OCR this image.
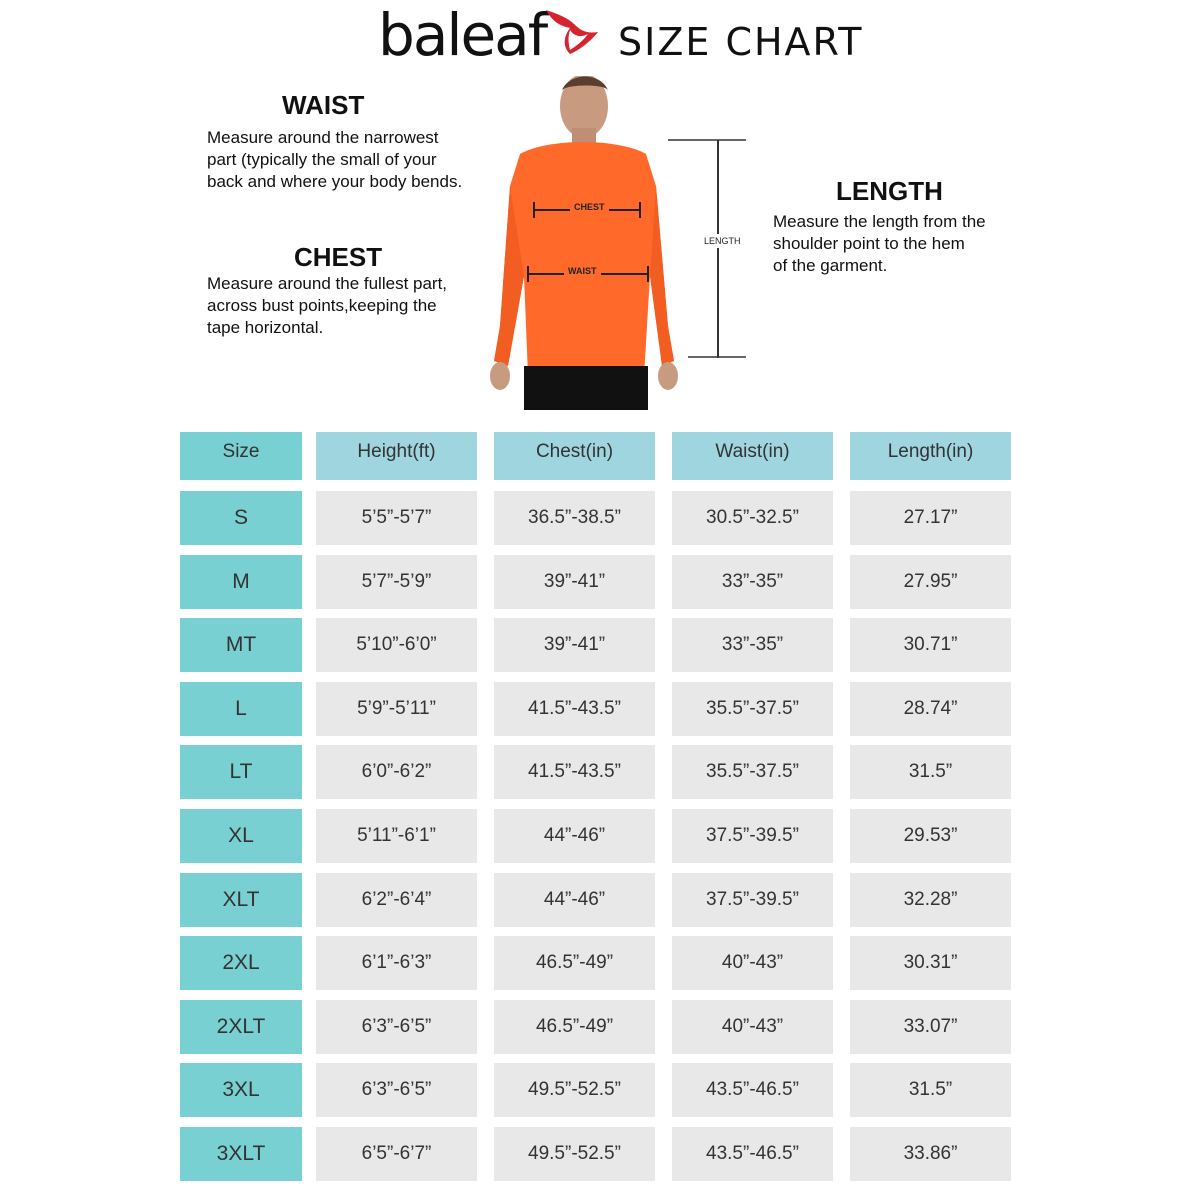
baleaf SIZE CHART
WAIST
Measure around the narrowest
part (typically the small of your
back and where your body bends.
CHEST
Measure around the fullest part,
across bust points,keeping the
tape horizontal.
LENGTH
Measure the length from the
shoulder point to the hem
of the garment.
CHEST
WAIST
LENGTH
Size	Height(ft)	Chest(in)	Waist(in)	Length(in)
S	5’5”-5’7”	36.5”-38.5”	30.5”-32.5”	27.17”
M	5’7”-5’9”	39”-41”	33”-35”	27.95”
MT	5’10”-6’0”	39”-41”	33”-35”	30.71”
L	5’9”-5’11”	41.5”-43.5”	35.5”-37.5”	28.74”
LT	6’0”-6’2”	41.5”-43.5”	35.5”-37.5”	31.5”
XL	5’11”-6’1”	44”-46”	37.5”-39.5”	29.53”
XLT	6’2”-6’4”	44”-46”	37.5”-39.5”	32.28”
2XL	6’1”-6’3”	46.5”-49”	40”-43”	30.31”
2XLT	6’3”-6’5”	46.5”-49”	40”-43”	33.07”
3XL	6’3”-6’5”	49.5”-52.5”	43.5”-46.5”	31.5”
3XLT	6’5”-6’7”	49.5”-52.5”	43.5”-46.5”	33.86”
